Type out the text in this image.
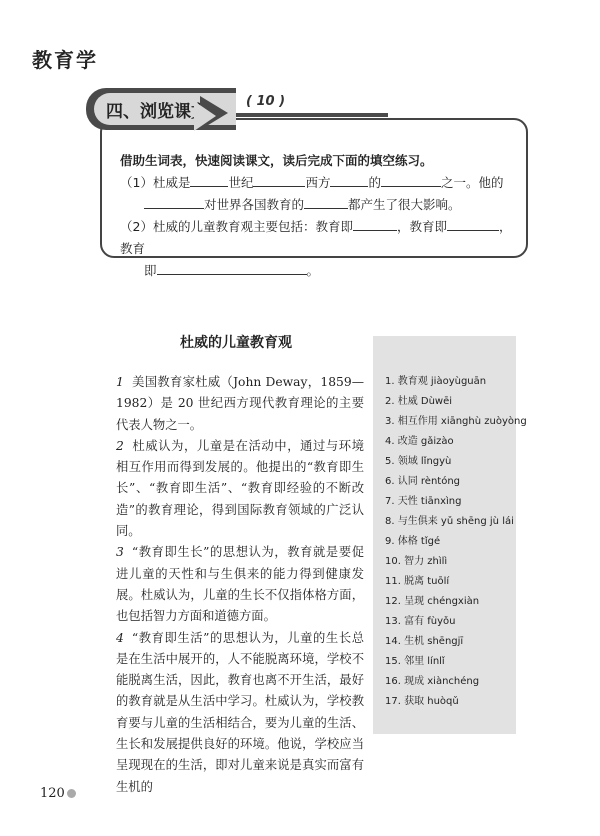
教育学
四、浏览课文	( 10 )
借助生词表，快速阅读课文，读后完成下面的填空练习。
（1）杜威是	世纪	西方	的	之一。他的
对世界各国教育的	都产生了很大影响。
（2）杜威的儿童教育观主要包括：教育即	，教育即	，教育
即	。
杜威的儿童教育观
1 美国教育家杜威（John Deway，1859—1982）是 20 世纪西方现代教育理论的主要代表人物之一。
2 杜威认为，儿童是在活动中，通过与环境相互作用而得到发展的。他提出的“教育即生长”、“教育即生活”、“教育即经验的不断改造”的教育理论，得到国际教育领域的广泛认同。
3 “教育即生长”的思想认为，教育就是要促进儿童的天性和与生俱来的能力得到健康发展。杜威认为，儿童的生长不仅指体格方面，也包括智力方面和道德方面。
4 “教育即生活”的思想认为，儿童的生长总是在生活中展开的，人不能脱离环境，学校不能脱离生活，因此，教育也离不开生活，最好的教育就是从生活中学习。杜威认为，学校教育要与儿童的生活相结合，要为儿童的生活、生长和发展提供良好的环境。他说，学校应当呈现现在的生活，即对儿童来说是真实而富有生机的
1. 教育观 jiàoyùguān
2. 杜威 Dùwēi
3. 相互作用 xiānghù zuòyòng
4. 改造 gǎizào
5. 领域 lǐngyù
6. 认同 rèntóng
7. 天性 tiānxìng
8. 与生俱来 yǔ shēng jù lái
9. 体格 tǐgé
10. 智力 zhìlì
11. 脱离 tuōlí
12. 呈现 chéngxiàn
13. 富有 fùyǒu
14. 生机 shēngjī
15. 邻里 línlǐ
16. 现成 xiànchéng
17. 获取 huòqǔ
120
